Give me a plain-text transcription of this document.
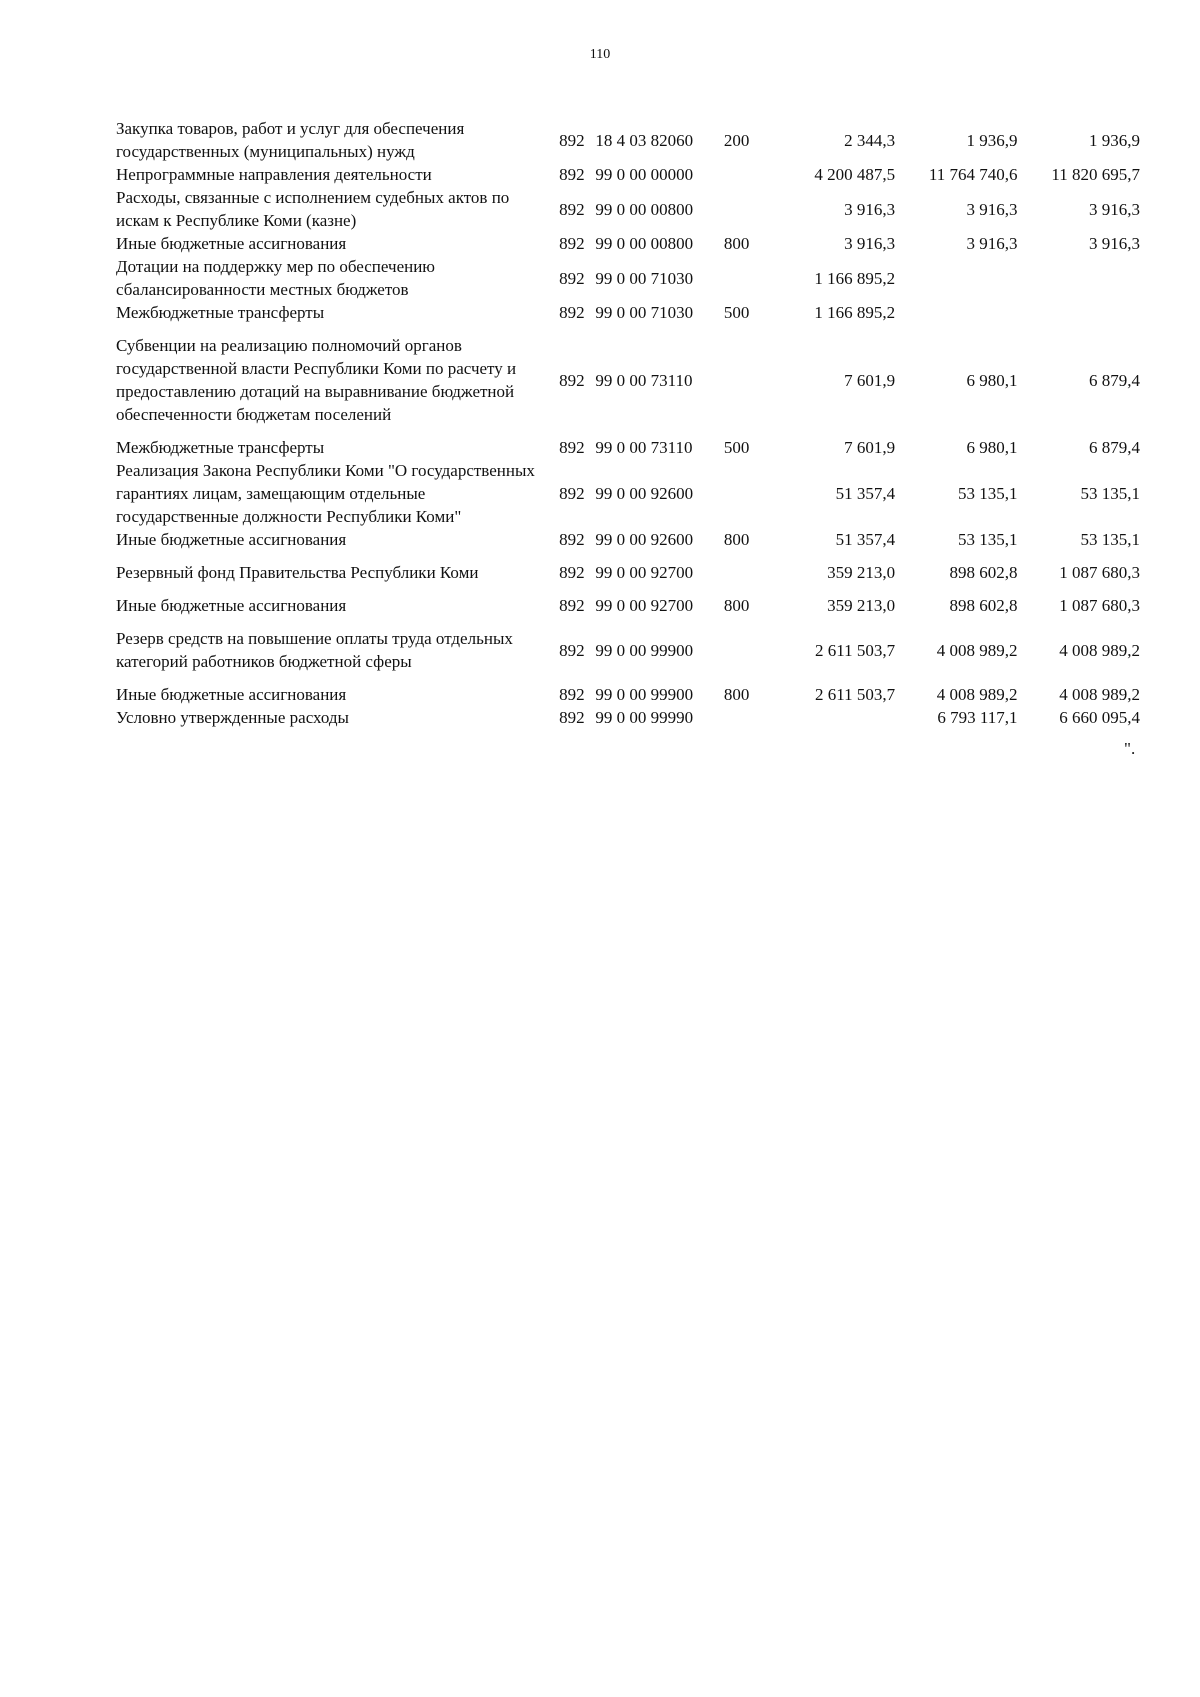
110
Закупка товаров, работ и услуг для обеспечения государственных (муниципальных) нужд	892	18 4 03 82060	200	2 344,3	1 936,9	1 936,9
Непрограммные направления деятельности	892	99 0 00 00000		4 200 487,5	11 764 740,6	11 820 695,7
Расходы, связанные с исполнением судебных актов по искам к Республике Коми (казне)	892	99 0 00 00800		3 916,3	3 916,3	3 916,3
Иные бюджетные ассигнования	892	99 0 00 00800	800	3 916,3	3 916,3	3 916,3
Дотации на поддержку мер по обеспечению сбалансированности местных бюджетов	892	99 0 00 71030		1 166 895,2		
Межбюджетные трансферты	892	99 0 00 71030	500	1 166 895,2		
Субвенции на реализацию полномочий органов государственной власти Республики Коми по расчету и предоставлению дотаций на выравнивание бюджетной обеспеченности бюджетам поселений	892	99 0 00 73110		7 601,9	6 980,1	6 879,4
Межбюджетные трансферты	892	99 0 00 73110	500	7 601,9	6 980,1	6 879,4
Реализация Закона Республики Коми "О государственных гарантиях лицам, замещающим отдельные государственные должности Республики Коми"	892	99 0 00 92600		51 357,4	53 135,1	53 135,1
Иные бюджетные ассигнования	892	99 0 00 92600	800	51 357,4	53 135,1	53 135,1
Резервный фонд Правительства Республики Коми	892	99 0 00 92700		359 213,0	898 602,8	1 087 680,3
Иные бюджетные ассигнования	892	99 0 00 92700	800	359 213,0	898 602,8	1 087 680,3
Резерв средств на повышение оплаты труда отдельных категорий работников бюджетной сферы	892	99 0 00 99900		2 611 503,7	4 008 989,2	4 008 989,2
Иные бюджетные ассигнования	892	99 0 00 99900	800	2 611 503,7	4 008 989,2	4 008 989,2
Условно утвержденные расходы	892	99 0 00 99990			6 793 117,1	6 660 095,4
".
